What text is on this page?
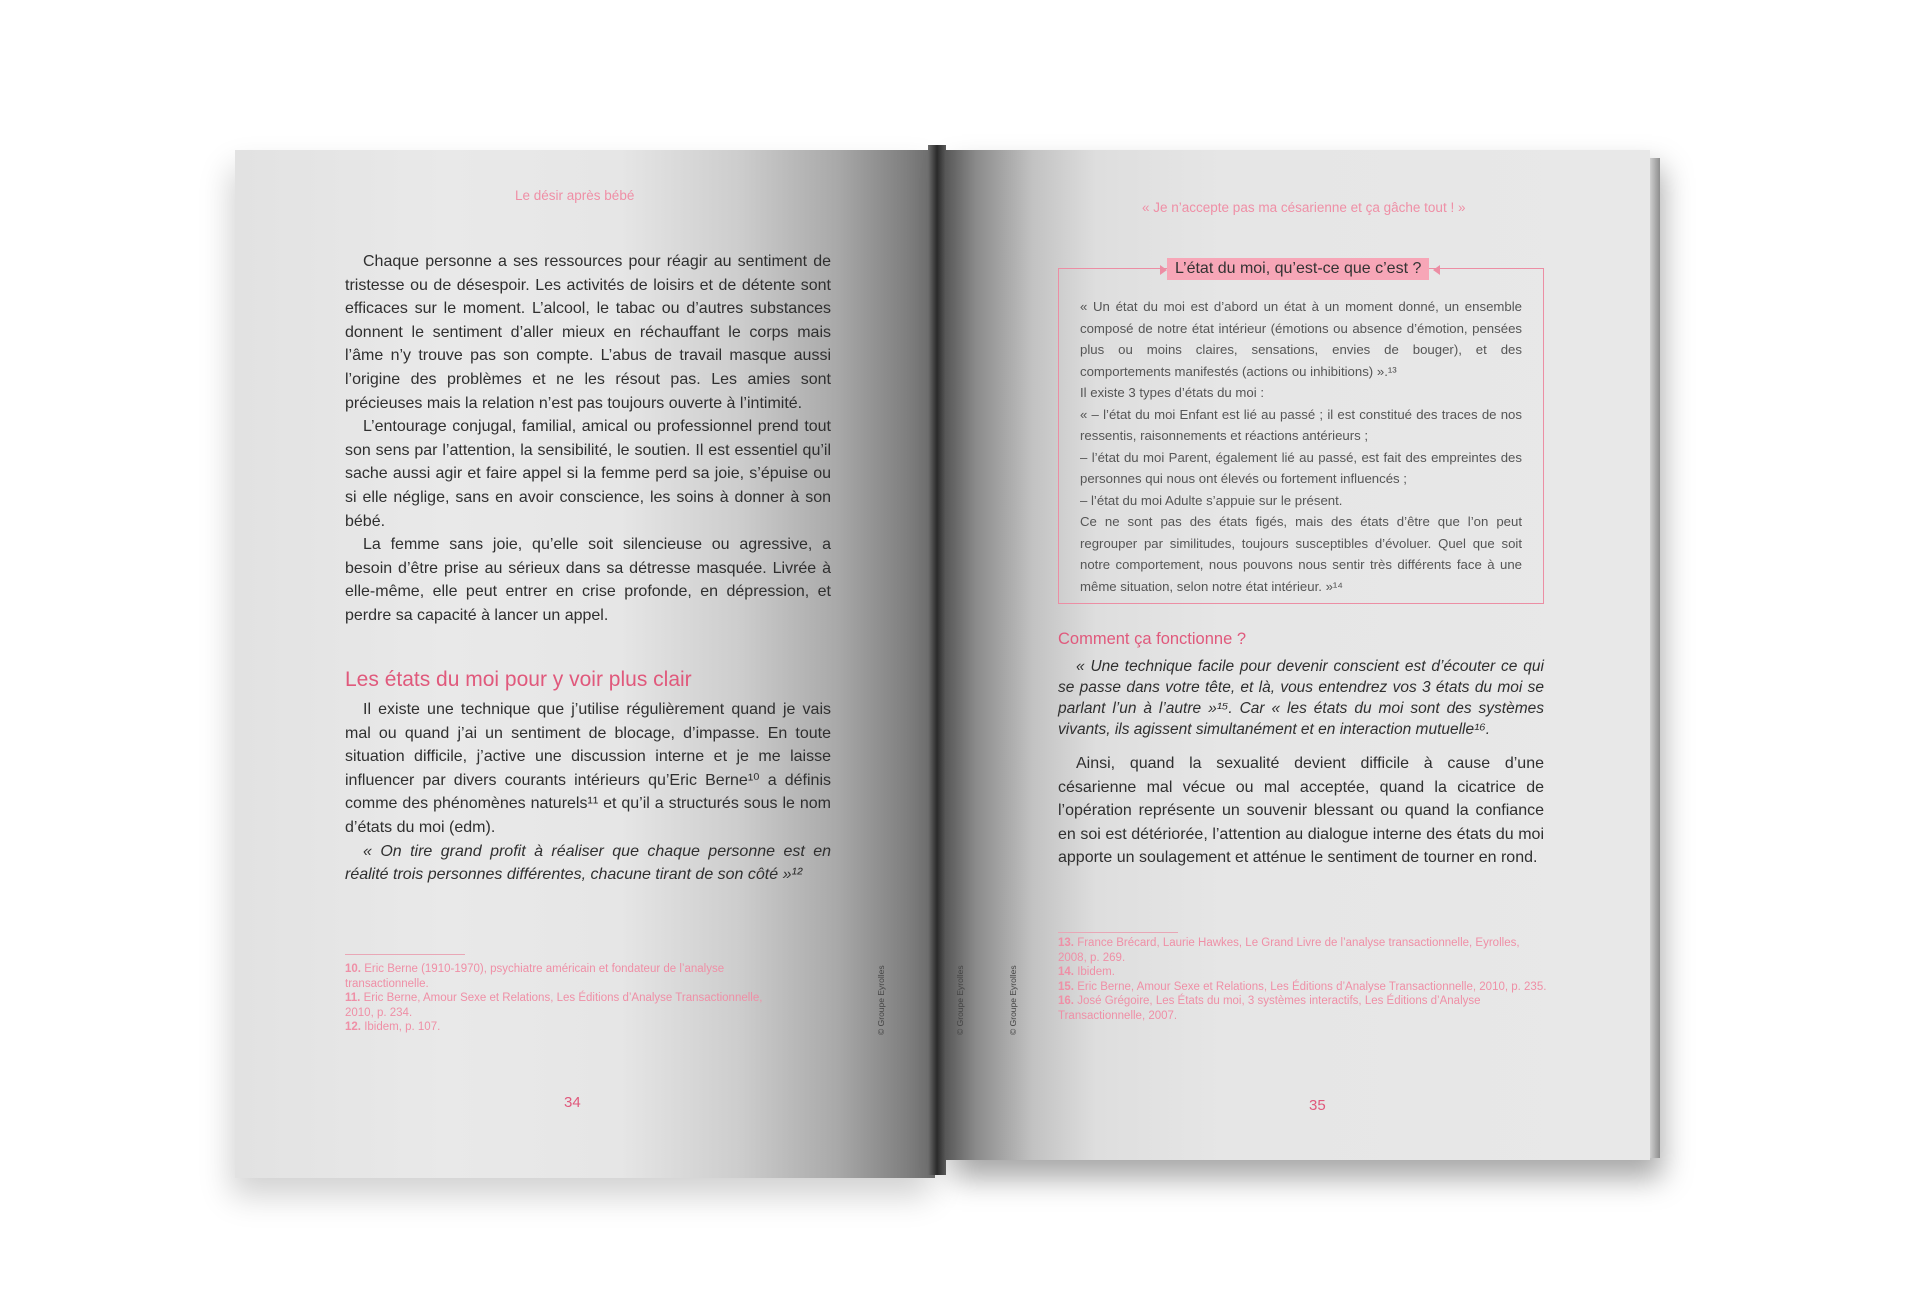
Le désir après bébé

Chaque personne a ses ressources pour réagir au sentiment de tristesse ou de désespoir. Les activités de loisirs et de détente sont efficaces sur le moment. L’alcool, le tabac ou d’autres substances donnent le sentiment d’aller mieux en réchauffant le corps mais l’âme n’y trouve pas son compte. L’abus de travail masque aussi l’origine des problèmes et ne les résout pas. Les amies sont précieuses mais la relation n’est pas toujours ouverte à l’intimité.

L’entourage conjugal, familial, amical ou professionnel prend tout son sens par l’attention, la sensibilité, le soutien. Il est essentiel qu’il sache aussi agir et faire appel si la femme perd sa joie, s’épuise ou si elle néglige, sans en avoir conscience, les soins à donner à son bébé.

La femme sans joie, qu’elle soit silencieuse ou agressive, a besoin d’être prise au sérieux dans sa détresse masquée. Livrée à elle-même, elle peut entrer en crise profonde, en dépression, et perdre sa capacité à lancer un appel.

Les états du moi pour y voir plus clair

Il existe une technique que j’utilise régulièrement quand je vais mal ou quand j’ai un sentiment de blocage, d’impasse. En toute situation difficile, j’active une discussion interne et je me laisse influencer par divers courants intérieurs qu’Eric Berne¹⁰ a définis comme des phénomènes naturels¹¹ et qu’il a structurés sous le nom d’états du moi (edm).

« On tire grand profit à réaliser que chaque personne est en réalité trois personnes différentes, chacune tirant de son côté »¹²

10. Eric Berne (1910-1970), psychiatre américain et fondateur de l’analyse transactionnelle.

11. Eric Berne, Amour Sexe et Relations, Les Éditions d’Analyse Transactionnelle, 2010, p. 234.

12. Ibidem, p. 107.	© Groupe Eyrolles
34
« Je n’accepte pas ma césarienne et ça gâche tout ! »
© Groupe Eyrolles	© Groupe Eyrolles
L’état du moi, qu’est-ce que c’est ?

« Un état du moi est d’abord un état à un moment donné, un ensemble composé de notre état intérieur (émotions ou absence d’émotion, pensées plus ou moins claires, sensations, envies de bouger), et des comportements manifestés (actions ou inhibitions) ».¹³

Il existe 3 types d’états du moi :

« – l’état du moi Enfant est lié au passé ; il est constitué des traces de nos ressentis, raisonnements et réactions antérieurs ;

– l’état du moi Parent, également lié au passé, est fait des empreintes des personnes qui nous ont élevés ou fortement influencés ;

– l’état du moi Adulte s’appuie sur le présent.

Ce ne sont pas des états figés, mais des états d’être que l’on peut regrouper par similitudes, toujours susceptibles d’évoluer. Quel que soit notre comportement, nous pouvons nous sentir très différents face à une même situation, selon notre état intérieur. »¹⁴

Comment ça fonctionne ?

« Une technique facile pour devenir conscient est d’écouter ce qui se passe dans votre tête, et là, vous entendrez vos 3 états du moi se parlant l’un à l’autre »¹⁵. Car « les états du moi sont des systèmes vivants, ils agissent simultanément et en interaction mutuelle¹⁶.

Ainsi, quand la sexualité devient difficile à cause d’une césarienne mal vécue ou mal acceptée, quand la cicatrice de l’opération représente un souvenir blessant ou quand la confiance en soi est détériorée, l’attention au dialogue interne des états du moi apporte un soulagement et atténue le sentiment de tourner en rond.

13. France Brécard, Laurie Hawkes, Le Grand Livre de l’analyse transactionnelle, Eyrolles, 2008, p. 269.

14. Ibidem.

15. Eric Berne, Amour Sexe et Relations, Les Éditions d’Analyse Transactionnelle, 2010, p. 235.

16. José Grégoire, Les États du moi, 3 systèmes interactifs, Les Éditions d’Analyse Transactionnelle, 2007.

35
